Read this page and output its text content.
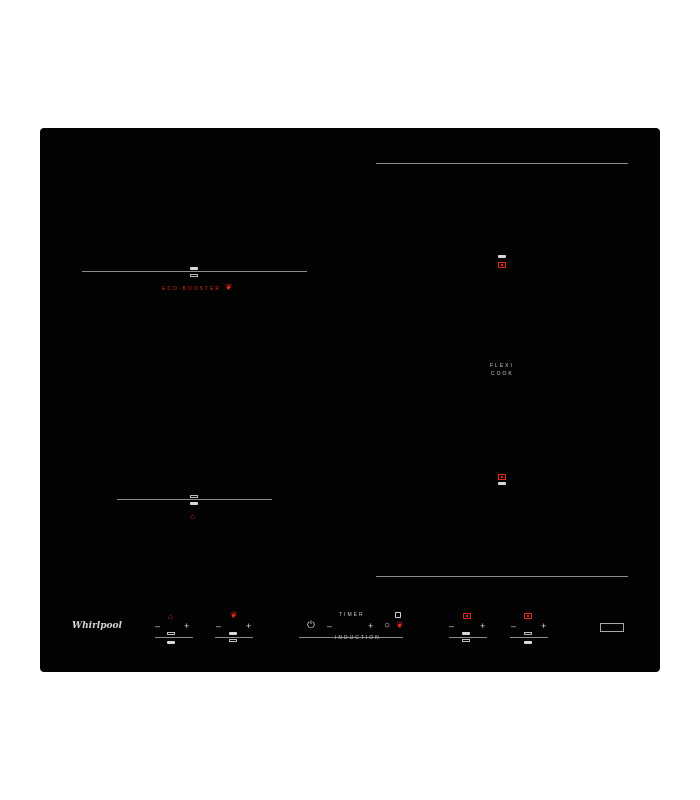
ECO-BOOSTER ❦
⌂
FLEXI
COOK
Whirlpool
⌂
–	+
❦
–	+
TIMER
⏻ –	+
INDUCTION
○ ❦	–	+	–	+
